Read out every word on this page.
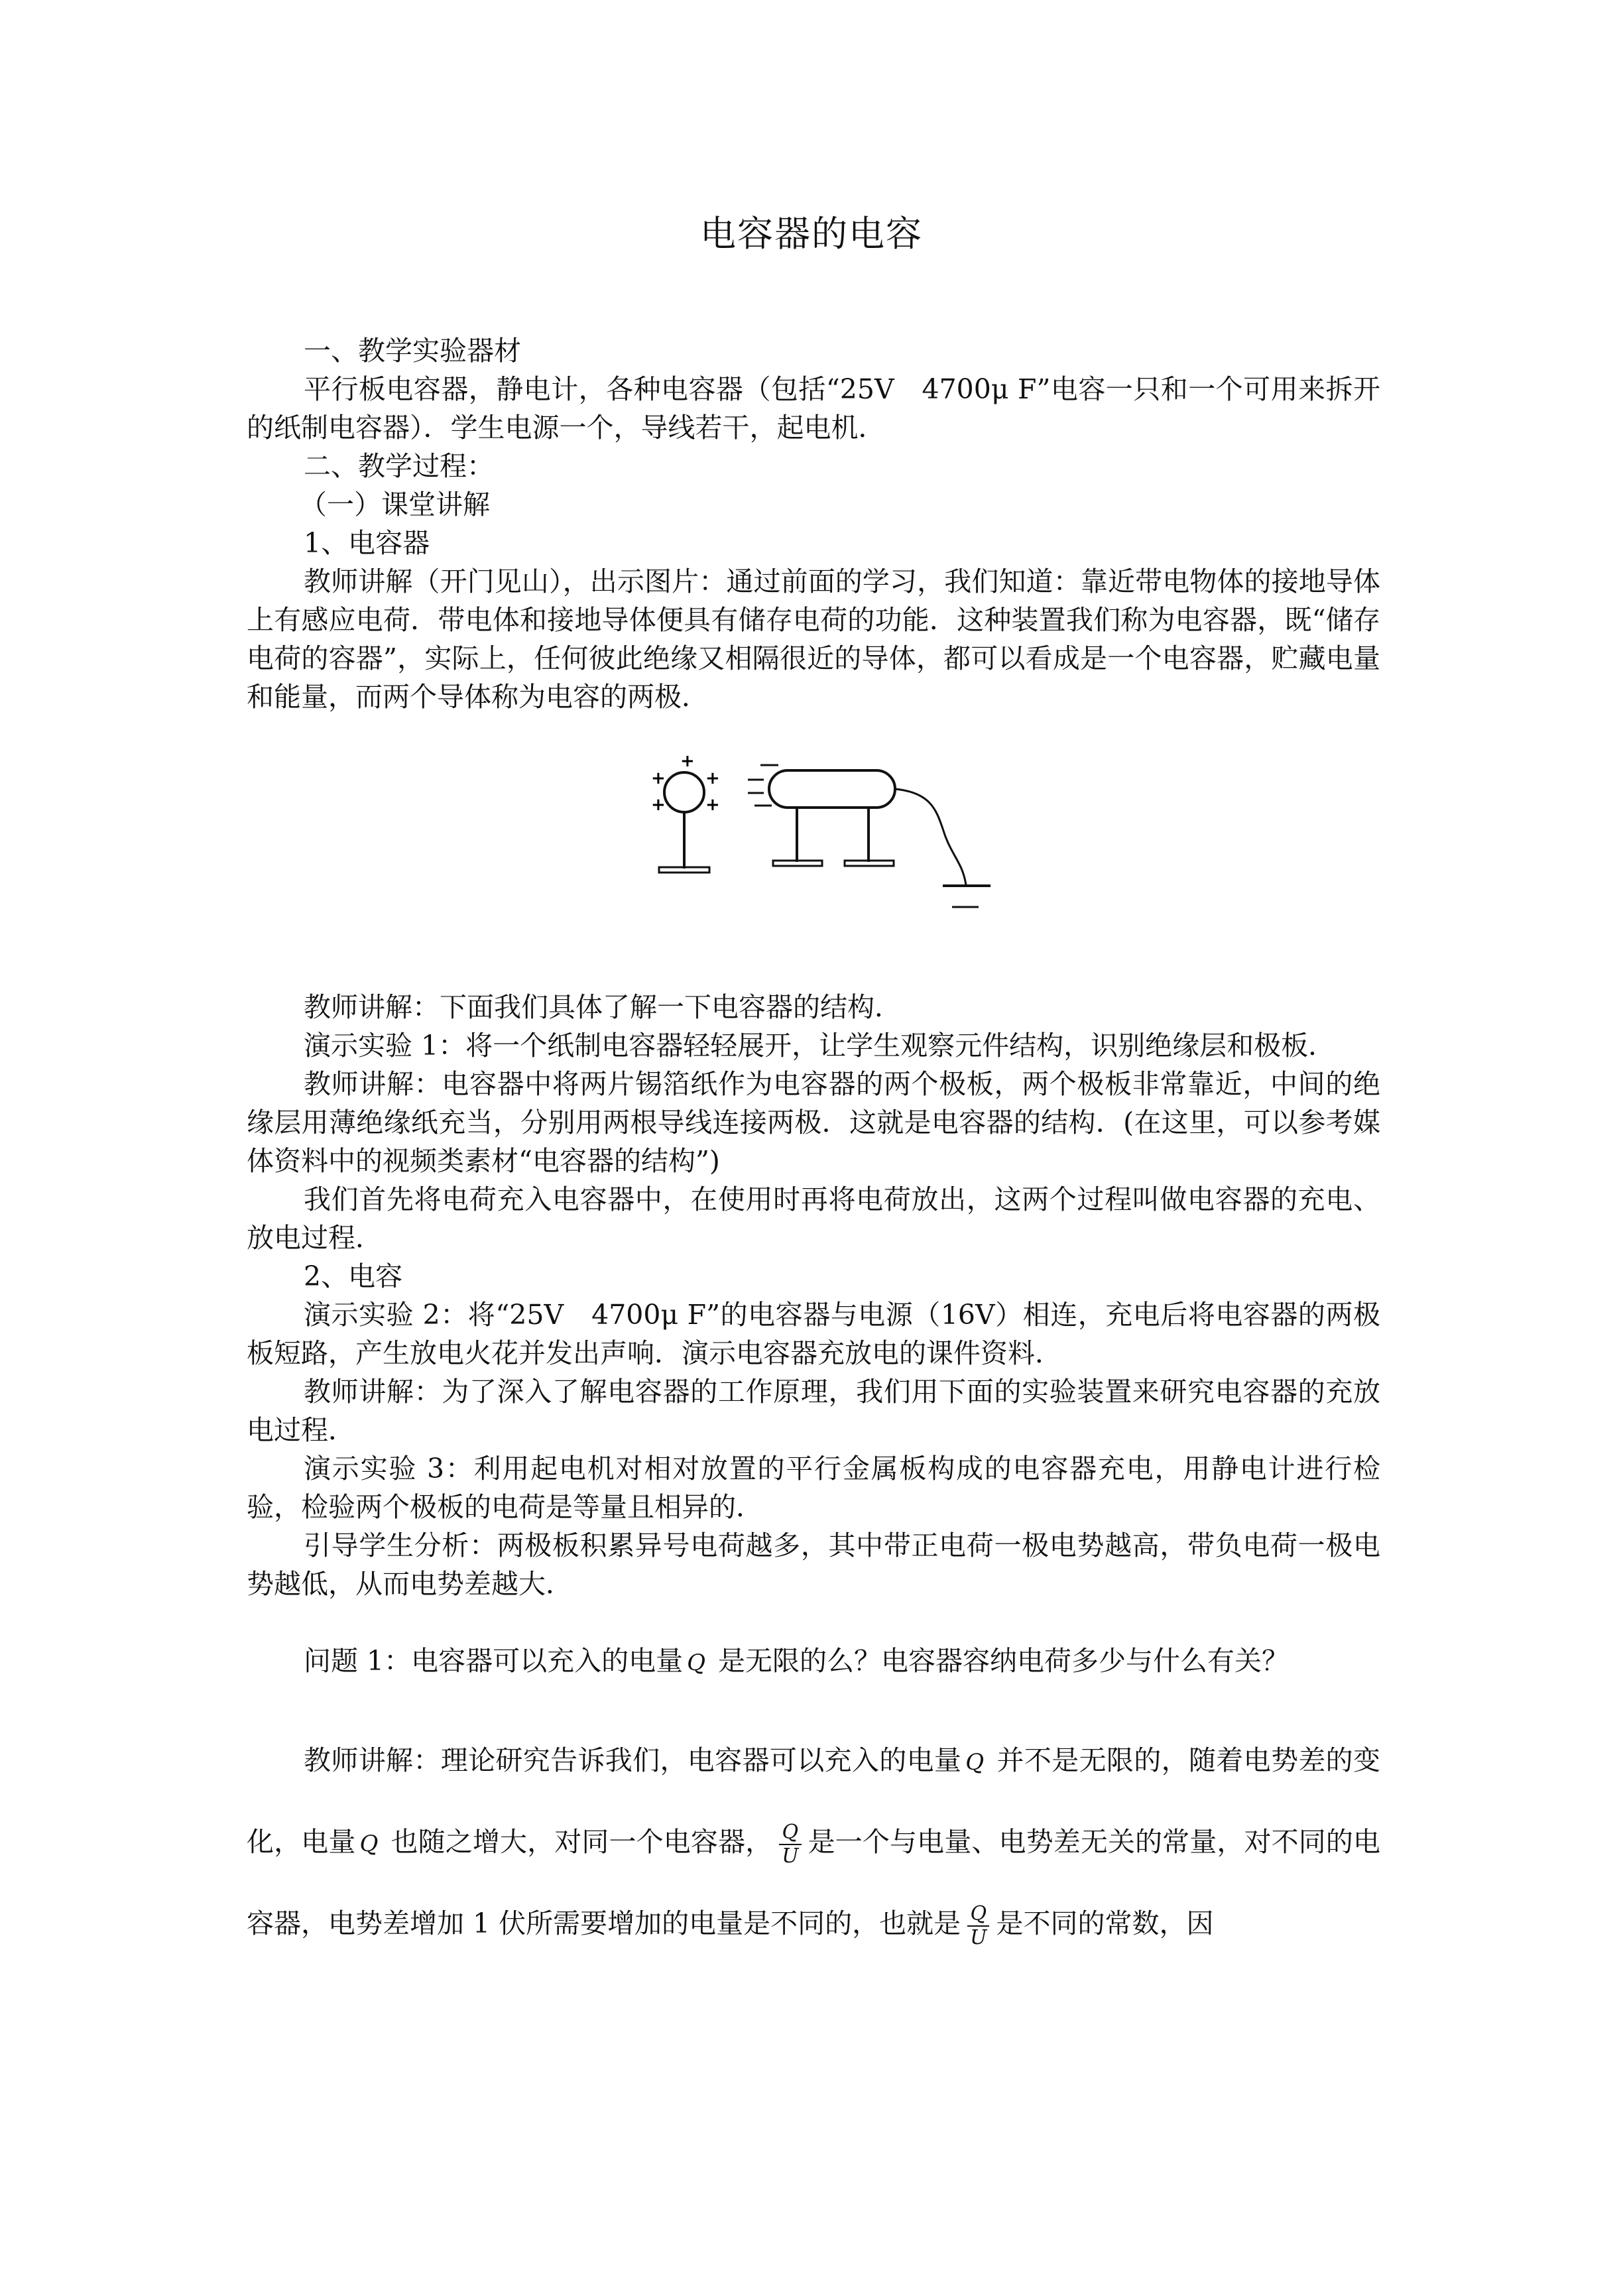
电容器的电容

一、教学实验器材

平行板电容器，静电计，各种电容器（包括“25V　4700μ F”电容一只和一个可用来拆开的纸制电容器）．学生电源一个，导线若干，起电机．

二、教学过程：

（一）课堂讲解

1、电容器

教师讲解（开门见山），出示图片：通过前面的学习，我们知道：靠近带电物体的接地导体上有感应电荷．带电体和接地导体便具有储存电荷的功能．这种装置我们称为电容器，既“储存电荷的容器”，实际上，任何彼此绝缘又相隔很近的导体，都可以看成是一个电容器，贮藏电量和能量，而两个导体称为电容的两极．

+
+ +
+ +

教师讲解：下面我们具体了解一下电容器的结构．

演示实验 1：将一个纸制电容器轻轻展开，让学生观察元件结构，识别绝缘层和极板．

教师讲解：电容器中将两片锡箔纸作为电容器的两个极板，两个极板非常靠近，中间的绝缘层用薄绝缘纸充当，分别用两根导线连接两极．这就是电容器的结构．(在这里，可以参考媒体资料中的视频类素材“电容器的结构”)

我们首先将电荷充入电容器中，在使用时再将电荷放出，这两个过程叫做电容器的充电、放电过程．

2、电容

演示实验 2：将“25V　4700μ F”的电容器与电源（16V）相连，充电后将电容器的两极板短路，产生放电火花并发出声响．演示电容器充放电的课件资料．

教师讲解：为了深入了解电容器的工作原理，我们用下面的实验装置来研究电容器的充放电过程．

演示实验 3：利用起电机对相对放置的平行金属板构成的电容器充电，用静电计进行检验，检验两个极板的电荷是等量且相异的．

引导学生分析：两极板积累异号电荷越多，其中带正电荷一极电势越高，带负电荷一极电势越低，从而电势差越大．

问题 1：电容器可以充入的电量 Q 是无限的么？电容器容纳电荷多少与什么有关？

教师讲解：理论研究告诉我们，电容器可以充入的电量 Q 并不是无限的，随着电势差的变化，电量 Q 也随之增大，对同一个电容器， $\frac{Q}{U}$ 是一个与电量、电势差无关的常量，对不同的电容器，电势差增加 1 伏所需要增加的电量是不同的，也就是 $\frac{Q}{U}$ 是不同的常数，因
